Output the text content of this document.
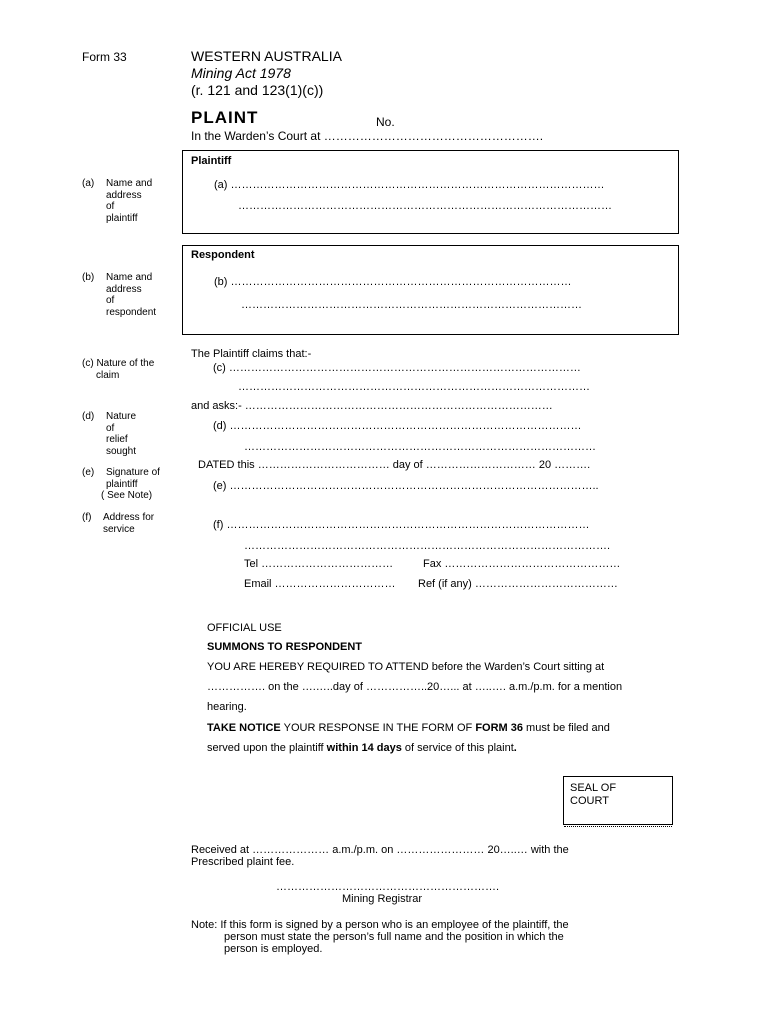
Form 33	WESTERN AUSTRALIA
Mining Act 1978
(r. 121 and 123(1)(c))
PLAINT	No.
In the Warden’s Court at ……………………………………………….
Plaintiff
(a) …………………………………………………………………………………………
…………………………………………………………………………………………
Respondent
(b) …………………………………………………………………………………
…………………………………………………………………………………
(a) Name and
address
of
plaintiff
(b) Name and
address
of
respondent
(c) Nature of the
claim
(d) Nature
of
relief
sought
(e) Signature of
plaintiff
( See Note)
(f) Address for
service
The Plaintiff claims that:-
(c) ……………………………………………………………………………………
……………………………………………………………………………………
and asks:- …………………………………………………………………………
(d) ……………………………………………………………………………………
……………………………………………………………………………………
DATED this ……………………………… day of ………………………… 20 ……….
(e) ………………………………………………………………………………………..
(f) ………………………………………………………………………………………
……………………………………………………………………………………….
Tel ………………………………	Fax …………………………………………
Email …………………………… Ref (if any) …………………………………
OFFICIAL USE
SUMMONS TO RESPONDENT
YOU ARE HEREBY REQUIRED TO ATTEND before the Warden’s Court sitting at
……………. on the ….…..day of ……………..20…... at …..…. a.m./p.m. for a mention
hearing.
TAKE NOTICE YOUR RESPONSE IN THE FORM OF FORM 36 must be filed and
served upon the plaintiff within 14 days of service of this plaint.
SEAL OF
COURT
Received at ………………… a.m./p.m. on …………………… 20…..… with the
Prescribed plaint fee.
…………………………………………………….
Mining Registrar
Note: If this form is signed by a person who is an employee of the plaintiff, the
person must state the person’s full name and the position in which the
person is employed.
